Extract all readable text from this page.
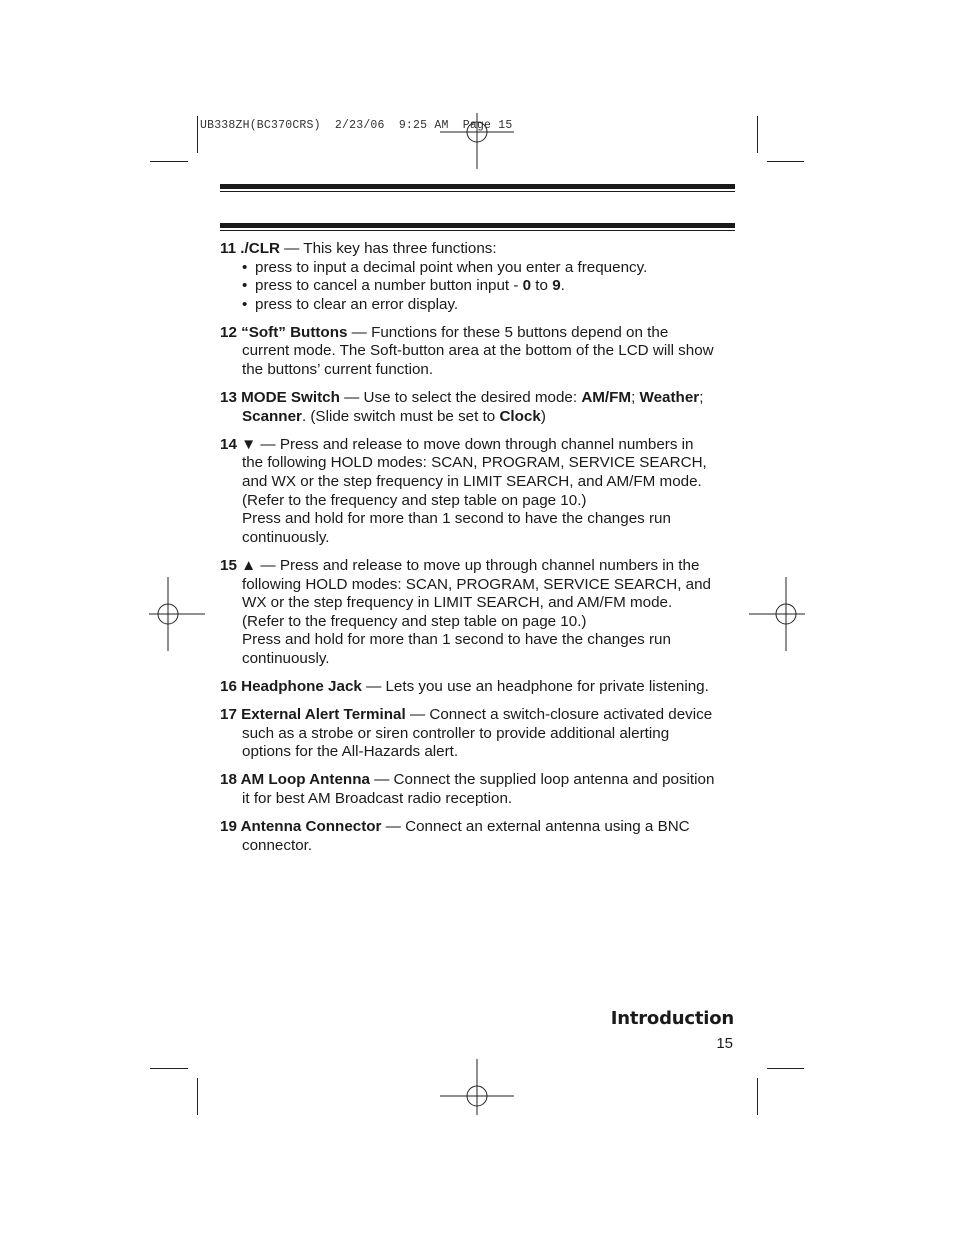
UB338ZH(BC370CRS)  2/23/06  9:25 AM  Page 15

11 ./CLR — This key has three functions:

• press to input a decimal point when you enter a frequency.
• press to cancel a number button input - 0 to 9.
• press to clear an error display.

12 “Soft” Buttons — Functions for these 5 buttons depend on the

current mode. The Soft-button area at the bottom of the LCD will show

the buttons’ current function.

13 MODE Switch — Use to select the desired mode: AM/FM; Weather;

Scanner. (Slide switch must be set to Clock)

14 ▼ — Press and release to move down through channel numbers in

the following HOLD modes: SCAN, PROGRAM, SERVICE SEARCH,

and WX or the step frequency in LIMIT SEARCH, and AM/FM mode.

(Refer to the frequency and step table on page 10.)

Press and hold for more than 1 second to have the changes run

continuously.

15 ▲ — Press and release to move up through channel numbers in the

following HOLD modes: SCAN, PROGRAM, SERVICE SEARCH, and

WX or the step frequency in LIMIT SEARCH, and AM/FM mode.

(Refer to the frequency and step table on page 10.)

Press and hold for more than 1 second to have the changes run

continuously.

16 Headphone Jack — Lets you use an headphone for private listening.

17 External Alert Terminal — Connect a switch-closure activated device

such as a strobe or siren controller to provide additional alerting

options for the All-Hazards alert.

18 AM Loop Antenna — Connect the supplied loop antenna and position

it for best AM Broadcast radio reception.

19 Antenna Connector — Connect an external antenna using a BNC

connector.

Introduction
15
